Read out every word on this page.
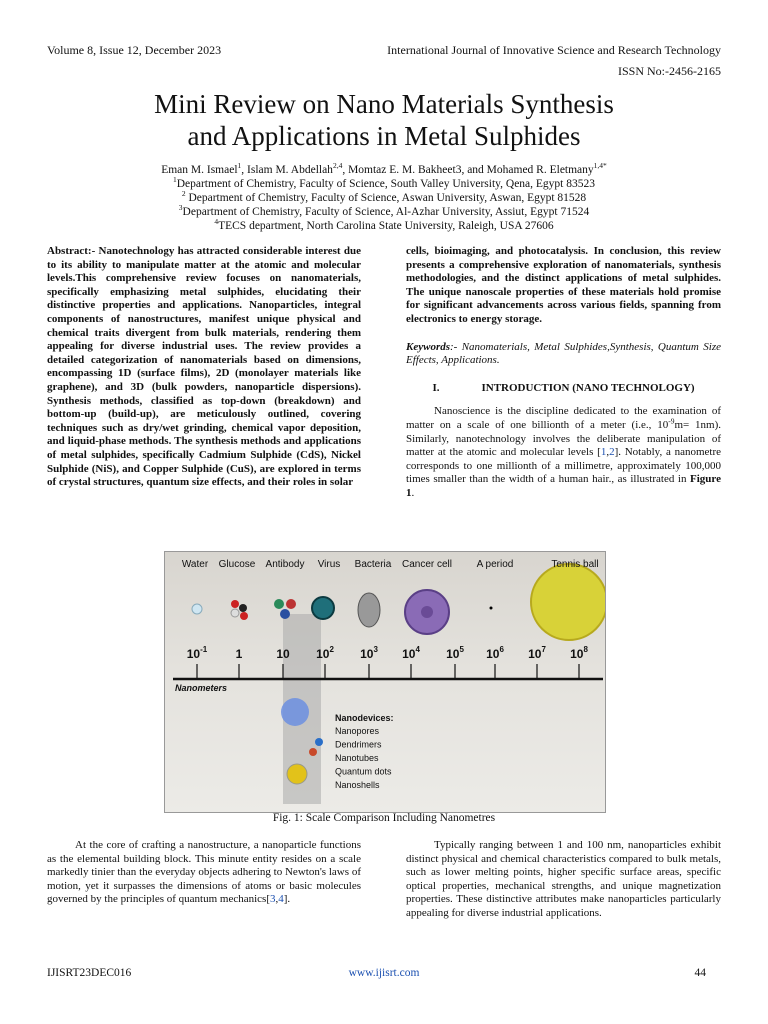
Volume 8, Issue 12, December 2023	International Journal of Innovative Science and Research Technology
ISSN No:-2456-2165
Mini Review on Nano Materials Synthesis
and Applications in Metal Sulphides
Eman M. Ismael$^1$, Islam M. Abdellah$^{2,4}$, Momtaz E. M. Bakheet3, and Mohamed R. Eletmany$^{1,4*}$
$^1$Department of Chemistry, Faculty of Science, South Valley University, Qena, Egypt 83523
$^2$ Department of Chemistry, Faculty of Science, Aswan University, Aswan, Egypt 81528
$^3$Department of Chemistry, Faculty of Science, Al-Azhar University, Assiut, Egypt 71524
$^4$TECS department, North Carolina State University, Raleigh, USA 27606
Abstract:- Nanotechnology has attracted considerable interest due to its ability to manipulate matter at the atomic and molecular levels.This comprehensive review focuses on nanomaterials, specifically emphasizing metal sulphides, elucidating their distinctive properties and applications. Nanoparticles, integral components of nanostructures, manifest unique physical and chemical traits divergent from bulk materials, rendering them appealing for diverse industrial uses. The review provides a detailed categorization of nanomaterials based on dimensions, encompassing 1D (surface films), 2D (monolayer materials like graphene), and 3D (bulk powders, nanoparticle dispersions). Synthesis methods, classified as top-down (breakdown) and bottom-up (build-up), are meticulously outlined, covering techniques such as dry/wet grinding, chemical vapor deposition, and liquid-phase methods. The synthesis methods and applications of metal sulphides, specifically Cadmium Sulphide (CdS), Nickel Sulphide (NiS), and Copper Sulphide (CuS), are explored in terms of crystal structures, quantum size effects, and their roles in solar
cells, bioimaging, and photocatalysis. In conclusion, this review presents a comprehensive exploration of nanomaterials, synthesis methodologies, and the distinct applications of metal sulphides. The unique nanoscale properties of these materials hold promise for significant advancements across various fields, spanning from electronics to energy storage.
Keywords:- Nanomaterials, Metal Sulphides,Synthesis, Quantum Size Effects, Applications.
I.	INTRODUCTION (NANO TECHNOLOGY)
Nanoscience is the discipline dedicated to the examination of matter on a scale of one billionth of a meter (i.e., $10^{-9}m= 1nm$). Similarly, nanotechnology involves the deliberate manipulation of matter at the atomic and molecular levels [1,2]. Notably, a nanometre corresponds to one millionth of a millimetre, approximately 100,000 times smaller than the width of a human hair., as illustrated in Figure 1.
Water Glucose Antibody Virus Bacteria Cancer cell A period	Tennis ball
$10^{-1}$ 1	10 $10^2$ $10^3$ $10^4$ $10^5$ $10^6$ $10^7$ $10^8$
Nanometers
Nanodevices:
Nanopores
Dendrimers
Nanotubes
Quantum dots
Nanoshells
Fig. 1: Scale Comparison Including Nanometres
At the core of crafting a nanostructure, a nanoparticle functions as the elemental building block. This minute entity resides on a scale markedly tinier than the everyday objects adhering to Newton's laws of motion, yet it surpasses the dimensions of atoms or basic molecules governed by the principles of quantum mechanics[3,4].
Typically ranging between 1 and 100 nm, nanoparticles exhibit distinct physical and chemical characteristics compared to bulk metals, such as lower melting points, higher specific surface areas, specific optical properties, mechanical strengths, and unique magnetization properties. These distinctive attributes make nanoparticles particularly appealing for diverse industrial applications.
IJISRT23DEC016	www.ijisrt.com	44
